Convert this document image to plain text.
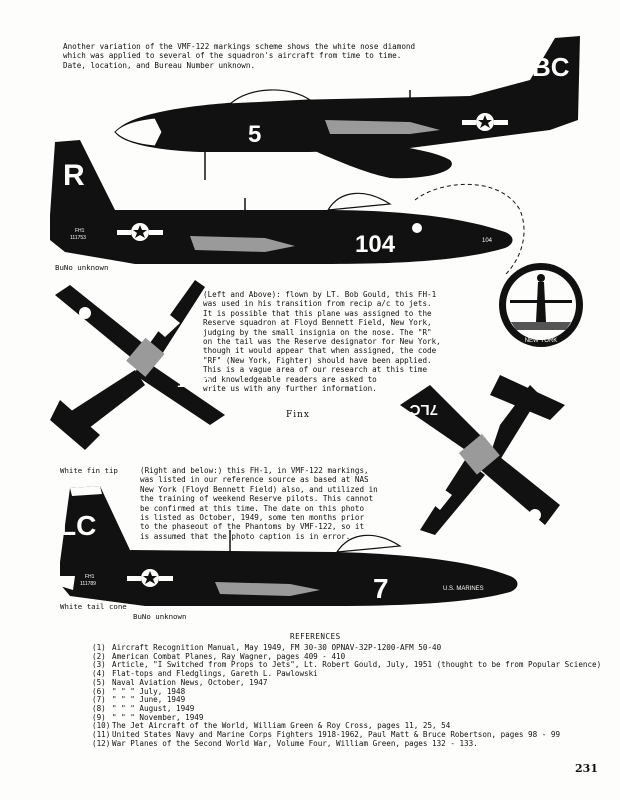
Another variation of the VMF-122 markings scheme shows the white nose diamond
which was applied to several of the squadron's aircraft from time to time.
Date, location, and Bureau Number unknown.
(Left and Above): flown by LT. Bob Gould, this FH-1
was used in his transition from recip a/c to jets.
It is possible that this plane was assigned to the
Reserve squadron at Floyd Bennett Field, New York,
judging by the small insignia on the nose. The "R"
on the tail was the Reserve designator for New York,
though it would appear that when assigned, the code
"RF" (New York, Fighter) should have been applied.
This is a vague area of our research at this time
and knowledgeable readers are asked to
write us with any further information.
(Right and below:) this FH-1, in VMF-122 markings,
was listed in our reference source as based at NAS
New York (Floyd Bennett Field) also, and utilized in
the training of weekend Reserve pilots. This cannot
be confirmed at this time. The date on this photo
is listed as October, 1949, some ten months prior
to the phaseout of the Phantoms by VMF-122, so it
is assumed that the photo caption is in error.
BuNo unknown
White fin tip
White tail cone
BuNo unknown
Finx
BC
5
R
104	104
FH1
111753
NEW YORK
104 R
7LC
LC
7	U.S. MARINES
FH1
111789
REFERENCES
(1) Aircraft Recognition Manual, May 1949, FM 30-30 OPNAV-32P-1200-AFM 50-40
(2) American Combat Planes, Ray Wagner, pages 409 - 410
(3) Article, "I Switched from Props to Jets", Lt. Robert Gould, July, 1951 (thought to be from Popular Science)
(4) Flat-tops and Fledglings, Gareth L. Pawlowski
(5) Naval Aviation News, October, 1947
(6) " " " July, 1948
(7) " " " June, 1949
(8) " " " August, 1949
(9) " " " November, 1949
(10) The Jet Aircraft of the World, William Green & Roy Cross, pages 11, 25, 54
(11) United States Navy and Marine Corps Fighters 1918-1962, Paul Matt & Bruce Robertson, pages 98 - 99
(12) War Planes of the Second World War, Volume Four, William Green, pages 132 - 133.
231
